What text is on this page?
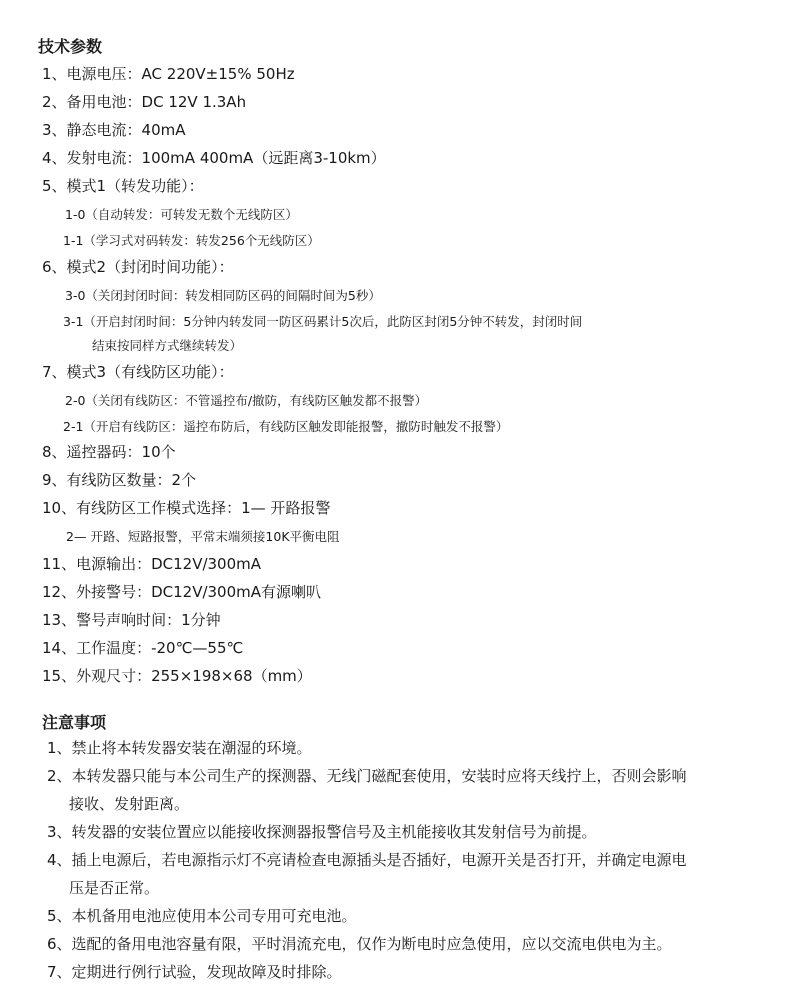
技术参数
1、电源电压：AC 220V±15% 50Hz
2、备用电池：DC 12V 1.3Ah
3、静态电流：40mA
4、发射电流：100mA 400mA（远距离3-10km）
5、模式1（转发功能）：
1-0（自动转发：可转发无数个无线防区）
1-1（学习式对码转发：转发256个无线防区）
6、模式2（封闭时间功能）：
3-0（关闭封闭时间：转发相同防区码的间隔时间为5秒）
3-1（开启封闭时间：5分钟内转发同一防区码累计5次后，此防区封闭5分钟不转发，封闭时间
结束按同样方式继续转发）
7、模式3（有线防区功能）：
2-0（关闭有线防区：不管遥控布/撤防，有线防区触发都不报警）
2-1（开启有线防区：遥控布防后，有线防区触发即能报警，撤防时触发不报警）
8、遥控器码：10个
9、有线防区数量：2个
10、有线防区工作模式选择：1— 开路报警
2— 开路、短路报警，平常末端须接10K平衡电阻
11、电源输出：DC12V/300mA
12、外接警号：DC12V/300mA有源喇叭
13、警号声响时间：1分钟
14、工作温度：-20℃—55℃
15、外观尺寸：255×198×68（mm）
注意事项
1、禁止将本转发器安装在潮湿的环境。
2、本转发器只能与本公司生产的探测器、无线门磁配套使用，安装时应将天线拧上，否则会影响
接收、发射距离。
3、转发器的安装位置应以能接收探测器报警信号及主机能接收其发射信号为前提。
4、插上电源后，若电源指示灯不亮请检查电源插头是否插好，电源开关是否打开，并确定电源电
压是否正常。
5、本机备用电池应使用本公司专用可充电池。
6、选配的备用电池容量有限，平时涓流充电，仅作为断电时应急使用，应以交流电供电为主。
7、定期进行例行试验，发现故障及时排除。
